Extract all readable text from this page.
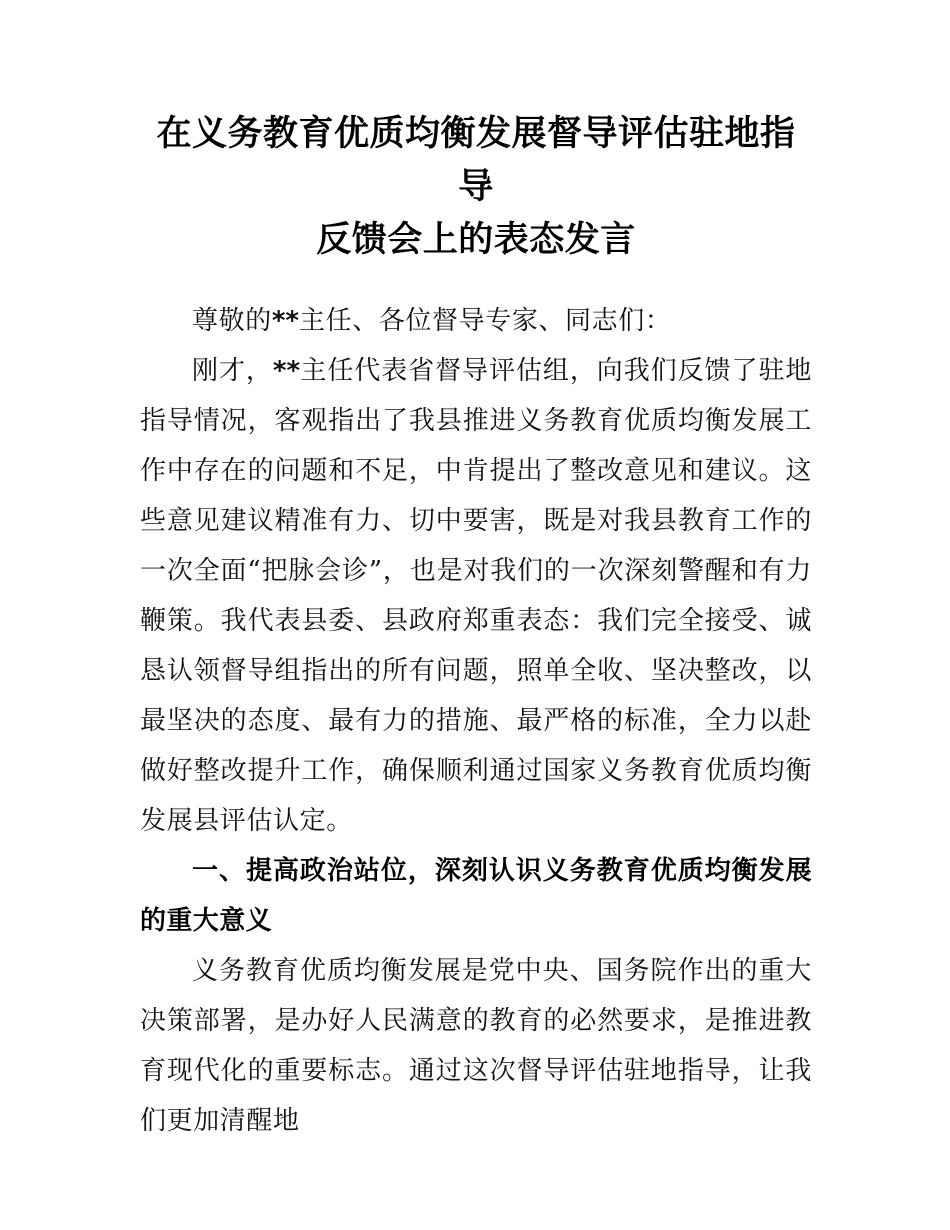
在义务教育优质均衡发展督导评估驻地指导
反馈会上的表态发言

尊敬的**主任、各位督导专家、同志们：

刚才，**主任代表省督导评估组，向我们反馈了驻地指导情况，客观指出了我县推进义务教育优质均衡发展工作中存在的问题和不足，中肯提出了整改意见和建议。这些意见建议精准有力、切中要害，既是对我县教育工作的一次全面“把脉会诊”，也是对我们的一次深刻警醒和有力鞭策。我代表县委、县政府郑重表态：我们完全接受、诚恳认领督导组指出的所有问题，照单全收、坚决整改，以最坚决的态度、最有力的措施、最严格的标准，全力以赴做好整改提升工作，确保顺利通过国家义务教育优质均衡发展县评估认定。

一、提高政治站位，深刻认识义务教育优质均衡发展的重大意义

义务教育优质均衡发展是党中央、国务院作出的重大决策部署，是办好人民满意的教育的必然要求，是推进教育现代化的重要标志。通过这次督导评估驻地指导，让我们更加清醒地
